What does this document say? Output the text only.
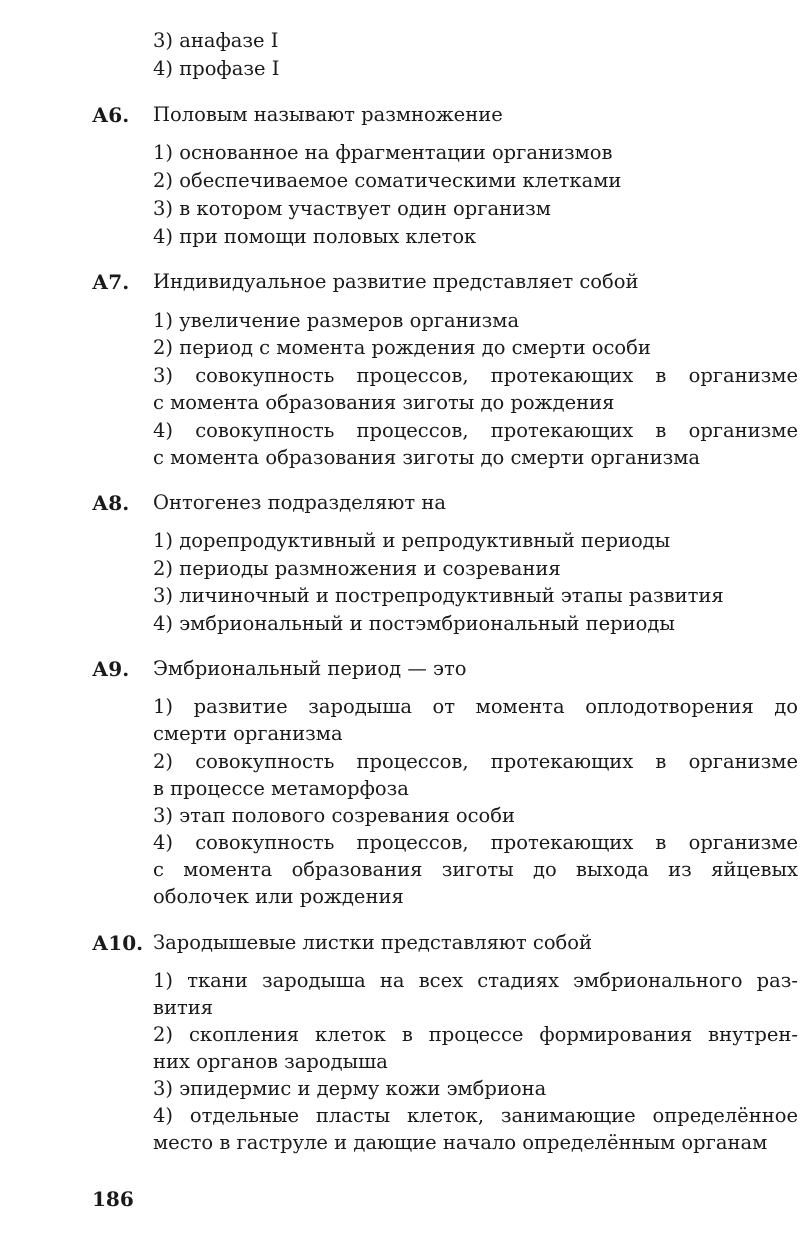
3) анафазе I
4) профазе I
А6. Половым называют размножение
1) основанное на фрагментации организмов
2) обеспечиваемое соматическими клетками
3) в котором участвует один организм
4) при помощи половых клеток
А7. Индивидуальное развитие представляет собой
1) увеличение размеров организма
2) период с момента рождения до смерти особи
3) совокупность процессов, протекающих в организме
с момента образования зиготы до рождения
4) совокупность процессов, протекающих в организме
с момента образования зиготы до смерти организма
А8. Онтогенез подразделяют на
1) дорепродуктивный и репродуктивный периоды
2) периоды размножения и созревания
3) личиночный и пострепродуктивный этапы развития
4) эмбриональный и постэмбриональный периоды
А9. Эмбриональный период — это
1) развитие зародыша от момента оплодотворения до
смерти организма
2) совокупность процессов, протекающих в организме
в процессе метаморфоза
3) этап полового созревания особи
4) совокупность процессов, протекающих в организме
с момента образования зиготы до выхода из яйцевых
оболочек или рождения
А10. Зародышевые листки представляют собой
1) ткани зародыша на всех стадиях эмбрионального раз-
вития
2) скопления клеток в процессе формирования внутрен-
них органов зародыша
3) эпидермис и дерму кожи эмбриона
4) отдельные пласты клеток, занимающие определённое
место в гаструле и дающие начало определённым органам
186
